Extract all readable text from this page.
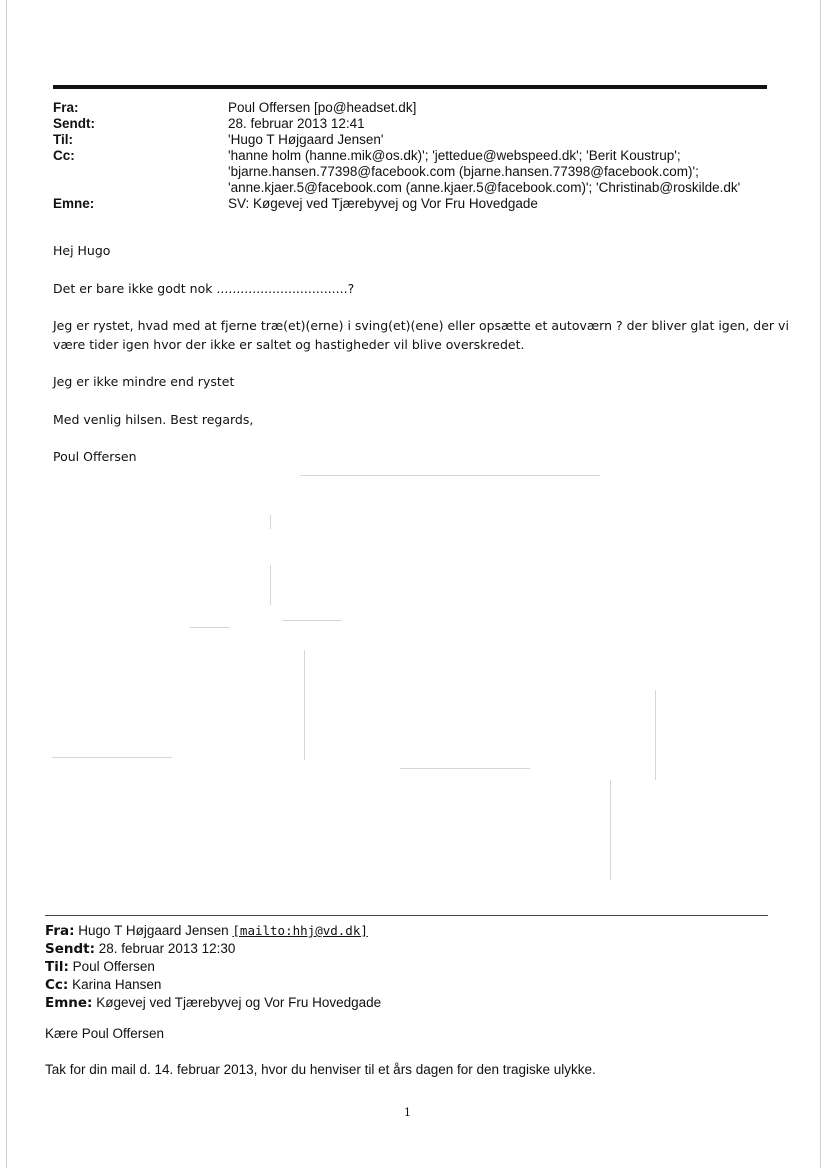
Fra:	Poul Offersen [po@headset.dk]
Sendt:	28. februar 2013 12:41
Til:	'Hugo T Højgaard Jensen'
Cc:	'hanne holm (hanne.mik@os.dk)'; 'jettedue@webspeed.dk'; 'Berit Koustrup';
'bjarne.hansen.77398@facebook.com (bjarne.hansen.77398@facebook.com)';
'anne.kjaer.5@facebook.com (anne.kjaer.5@facebook.com)'; 'Christinab@roskilde.dk'
Emne:	SV: Køgevej ved Tjærebyvej og Vor Fru Hovedgade
Hej Hugo
Det er bare ikke godt nok .................................?
Jeg er rystet, hvad med at fjerne træ(et)(erne) i sving(et)(ene) eller opsætte et autoværn ? der bliver glat igen, der vi
være tider igen hvor der ikke er saltet og hastigheder vil blive overskredet.
Jeg er ikke mindre end rystet
Med venlig hilsen. Best regards,
Poul Offersen
Fra: Hugo T Højgaard Jensen [mailto:hhj@vd.dk]
Sendt: 28. februar 2013 12:30
Til: Poul Offersen
Cc: Karina Hansen
Emne: Køgevej ved Tjærebyvej og Vor Fru Hovedgade
Kære Poul Offersen
Tak for din mail d. 14. februar 2013, hvor du henviser til et års dagen for den tragiske ulykke.
1
